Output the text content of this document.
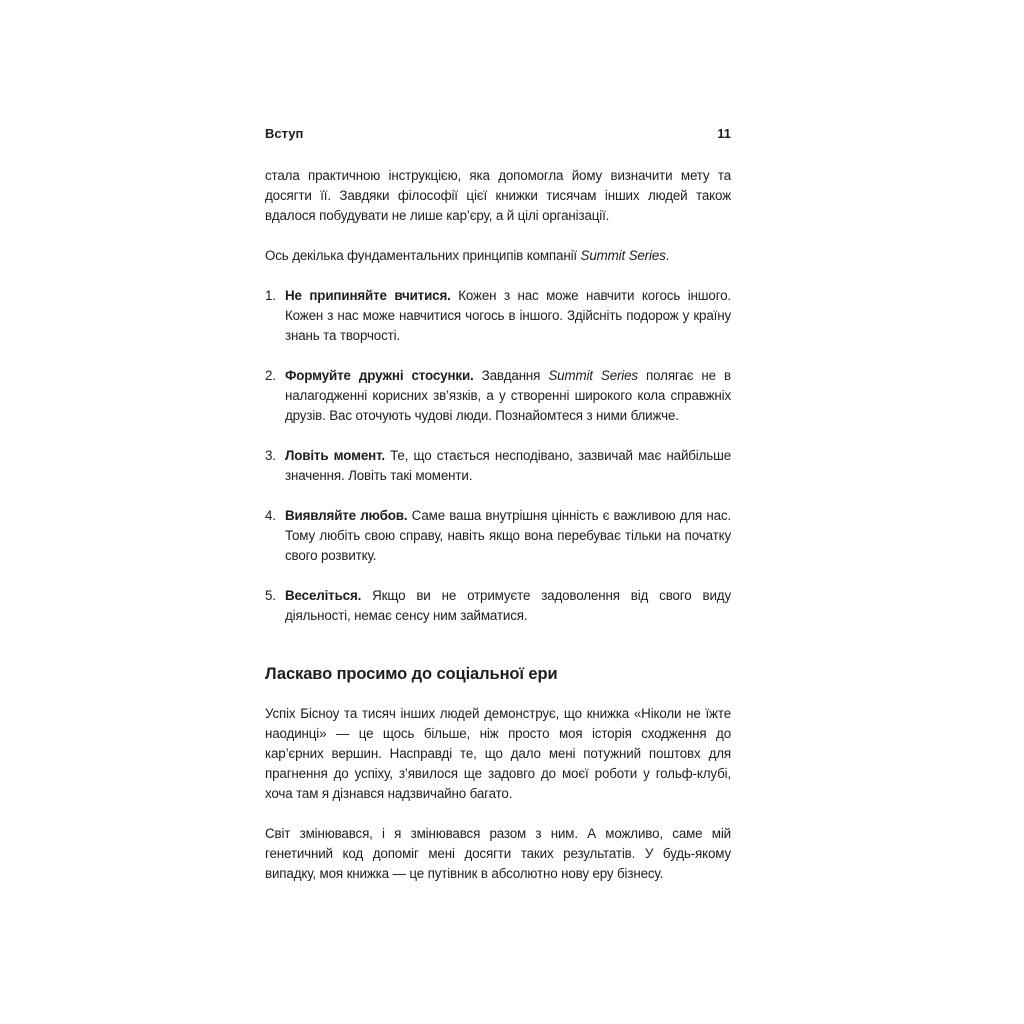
Вступ	11

стала практичною інструкцією, яка допомогла йому визначити мету та досягти її. Завдяки філософії цієї книжки тисячам інших людей також вдалося побудувати не лише кар’єру, а й цілі організації.

Ось декілька фундаментальних принципів компанії Summit Series.

1. Не припиняйте вчитися. Кожен з нас може навчити когось іншого. Кожен з нас може навчитися чогось в іншого. Здійсніть подорож у країну знань та творчості.
2. Формуйте дружні стосунки. Завдання Summit Series полягає не в налагодженні корисних зв’язків, а у створенні широкого кола справжніх друзів. Вас оточують чудові люди. Познайомтеся з ними ближче.
3. Ловіть момент. Те, що стається несподівано, зазвичай має найбільше значення. Ловіть такі моменти.
4. Виявляйте любов. Саме ваша внутрішня цінність є важливою для нас. Тому любіть свою справу, навіть якщо вона перебуває тільки на початку свого розвитку.
5. Веселіться. Якщо ви не отримуєте задоволення від свого виду діяльності, немає сенсу ним займатися.
Ласкаво просимо до соціальної ери

Успіх Бісноу та тисяч інших людей демонструє, що книжка «Ніколи не їжте наодинці» — це щось більше, ніж просто моя історія сходження до кар’єрних вершин. Насправді те, що дало мені потужний поштовх для прагнення до успіху, з’явилося ще задовго до моєї роботи у гольф-клубі, хоча там я дізнався надзвичайно багато.

Світ змінювався, і я змінювався разом з ним. А можливо, саме мій генетичний код допоміг мені досягти таких результатів. У будь-якому випадку, моя книжка — це путівник в абсолютно нову еру бізнесу.
